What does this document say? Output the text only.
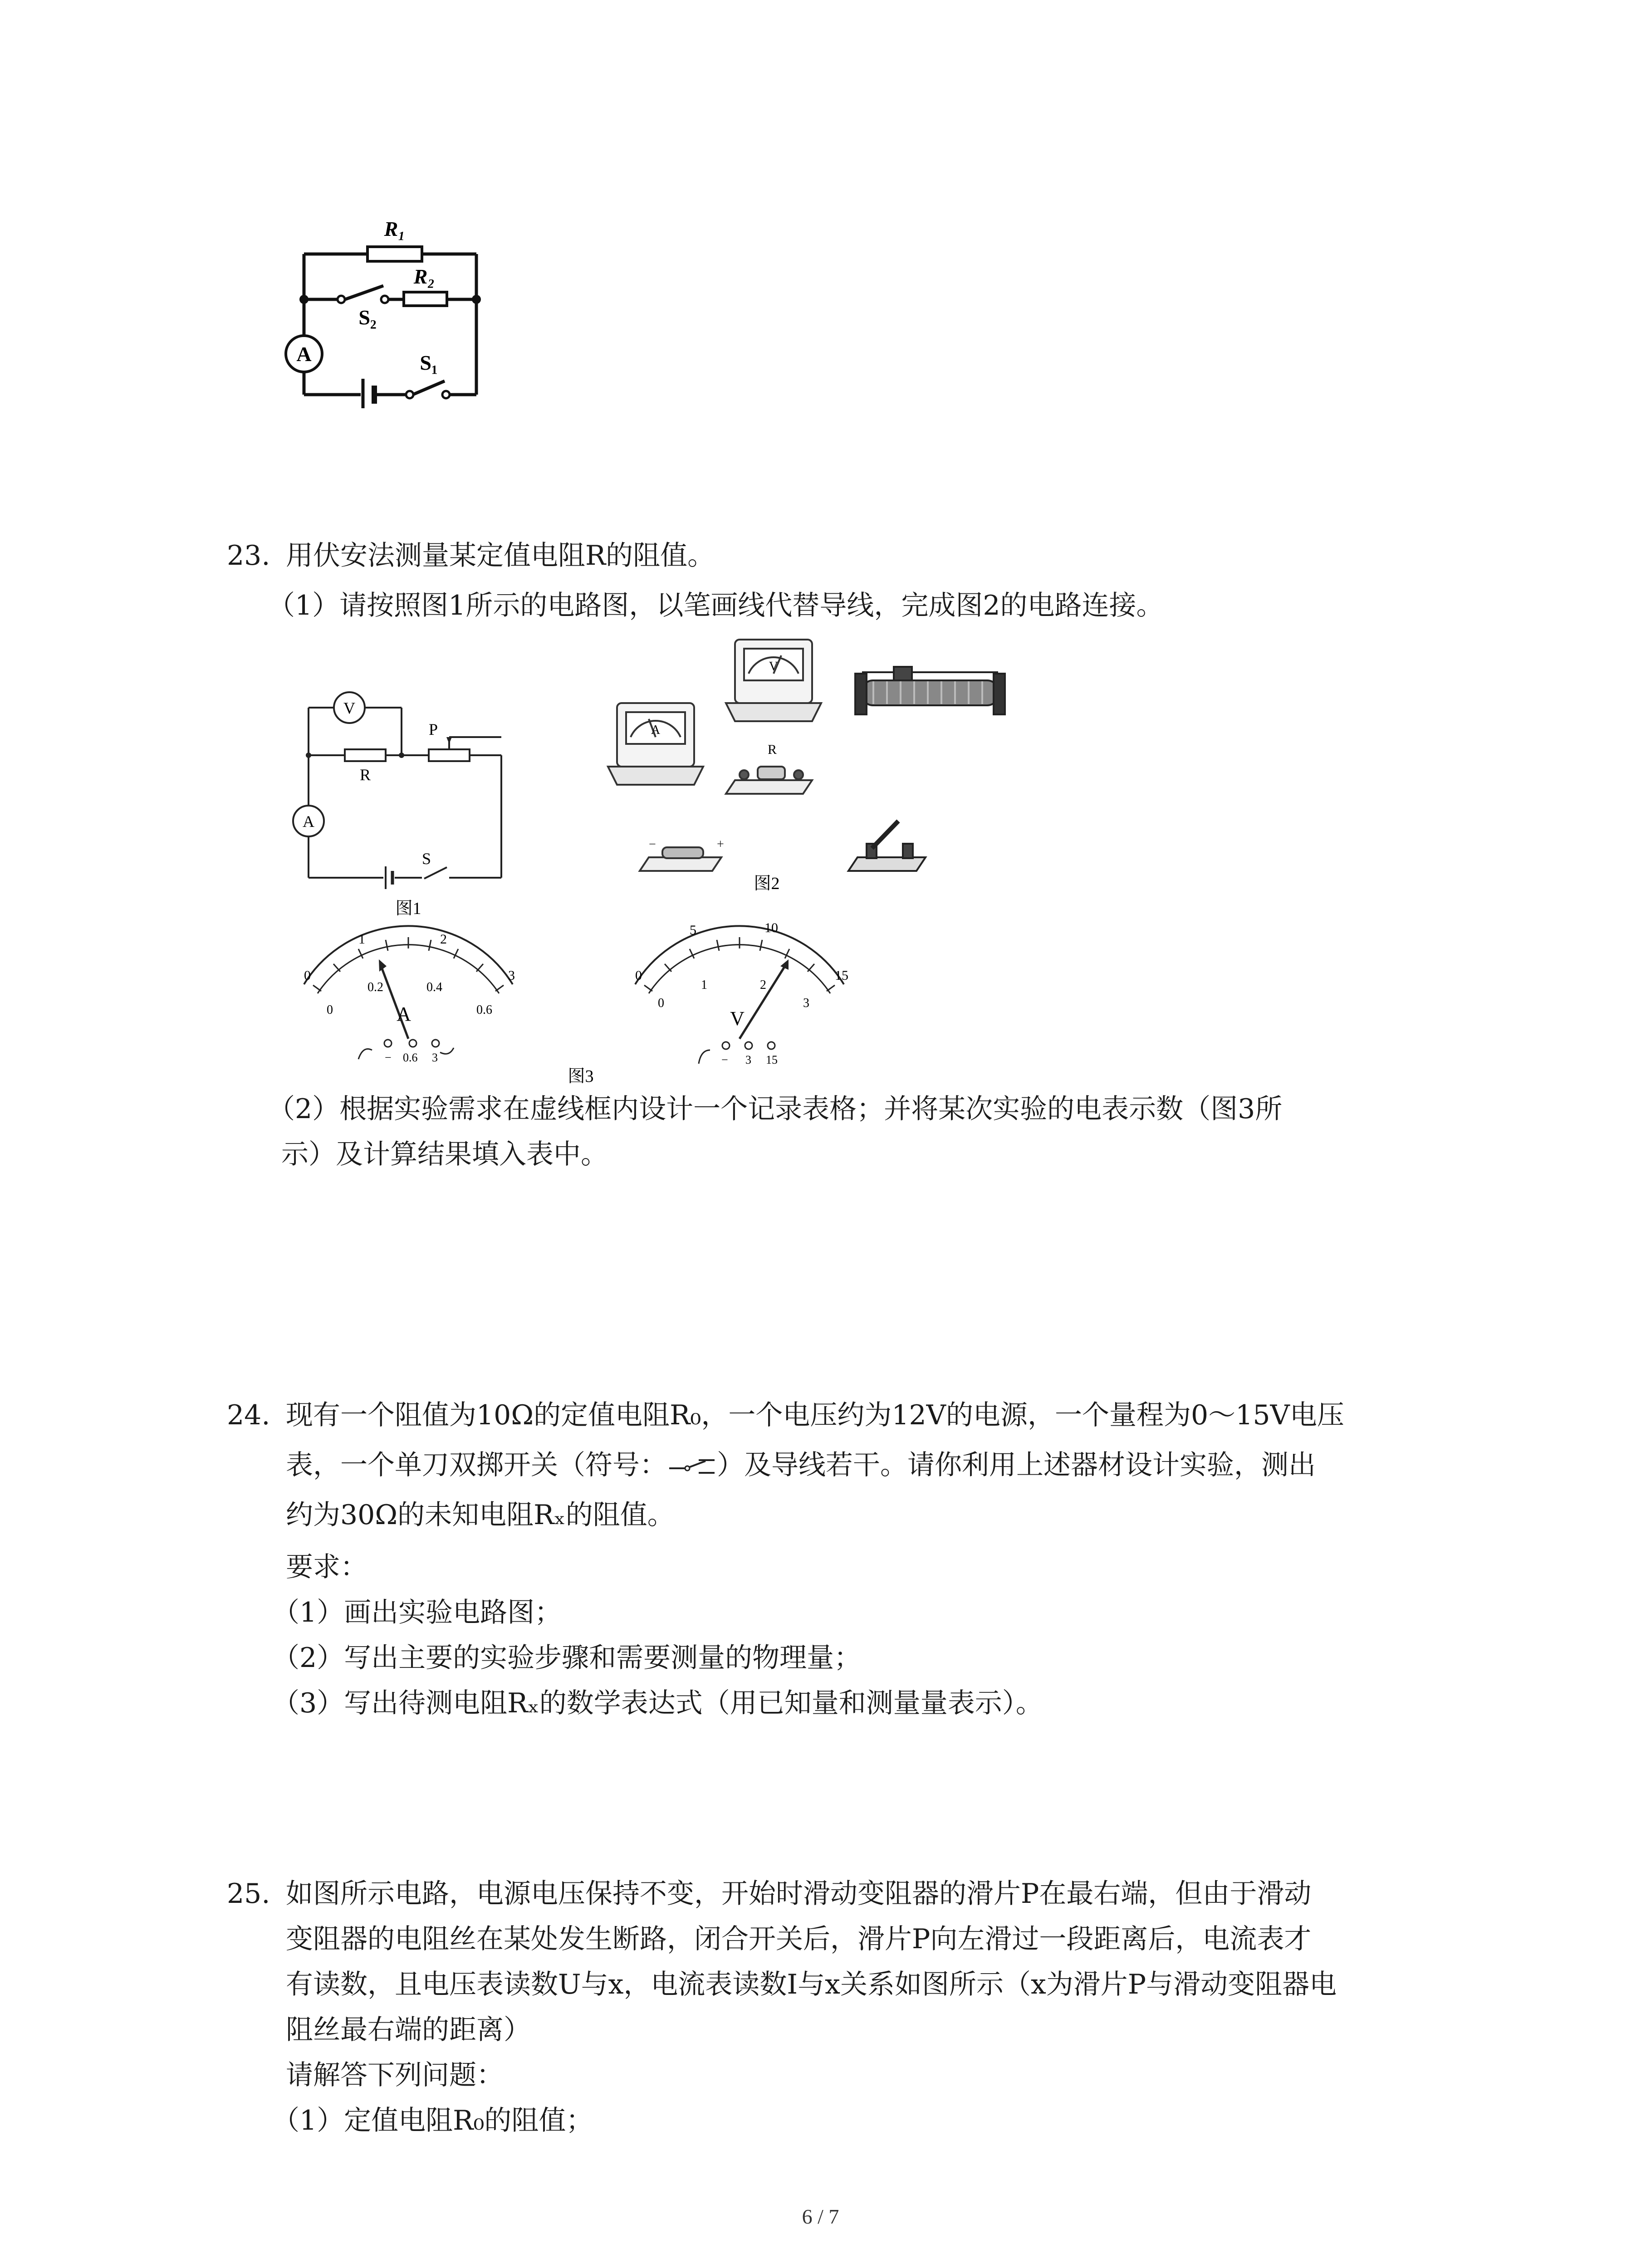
R₁
R₂
S₂
S₁
A
23. 用伏安法测量某定值电阻R的阻值。
（1）请按照图1所示的电路图，以笔画线代替导线，完成图2的电路连接。
V
A
R
P
S
图1
V
A
R
−	+
图2
0
1	2
3
0
0.2	0.4
0.6
A
− 0.6 3
0
5	10
15
0
1	2
3
V
− 3 15
图3
（2）根据实验需求在虚线框内设计一个记录表格；并将某次实验的电表示数（图3所
示）及计算结果填入表中。
24. 现有一个阻值为10Ω的定值电阻R₀，一个电压约为12V的电源，一个量程为0～15V电压
表，一个单刀双掷开关（符号： ）及导线若干。请你利用上述器材设计实验，测出
约为30Ω的未知电阻Rₓ的阻值。
要求：
（1）画出实验电路图；
（2）写出主要的实验步骤和需要测量的物理量；
（3）写出待测电阻Rₓ的数学表达式（用已知量和测量量表示）。
25. 如图所示电路，电源电压保持不变，开始时滑动变阻器的滑片P在最右端，但由于滑动
变阻器的电阻丝在某处发生断路，闭合开关后，滑片P向左滑过一段距离后，电流表才
有读数，且电压表读数U与x，电流表读数I与x关系如图所示（x为滑片P与滑动变阻器电
阻丝最右端的距离）
请解答下列问题：
（1）定值电阻R₀的阻值；
6 / 7
